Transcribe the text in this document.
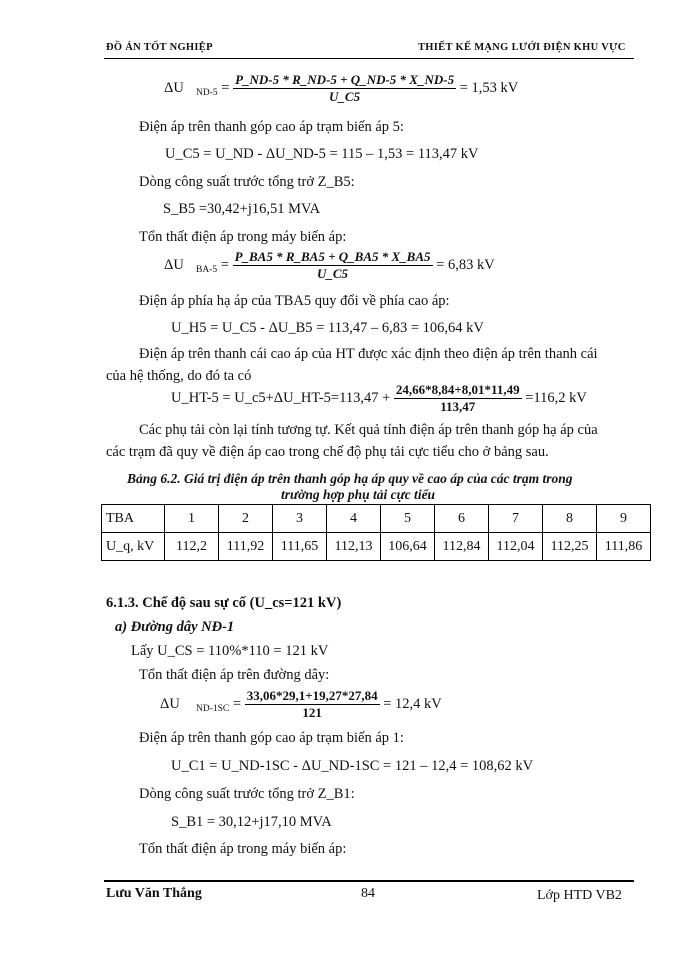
ĐỒ ÁN TỐT NGHIỆP	THIẾT KẾ MẠNG LƯỚI ĐIỆN KHU VỰC
ΔU $_{ND-5} = \frac{P\_ND-5 * R\_ND-5 + Q\_ND-5 * X\_ND-5}{U\_C5} = 1,53$ kV
Điện áp trên thanh góp cao áp trạm biến áp 5:
U_C5 = U_ND - ΔU_ND-5 = 115 – 1,53 = 113,47 kV
Dòng công suất trước tổng trở Z_B5:
S_B5 =30,42+j16,51 MVA
Tổn thất điện áp trong máy biến áp:
ΔU $_{BA-5} = \frac{P\_BA5 * R\_BA5 + Q\_BA5 * X\_BA5}{U\_C5} = 6,83$ kV
Điện áp phía hạ áp của TBA5 quy đổi về phía cao áp:
U_H5 = U_C5 - ΔU_B5 = 113,47 – 6,83 = 106,64 kV
Điện áp trên thanh cái cao áp của HT được xác định theo điện áp trên thanh cái
của hệ thống, do đó ta có
U_HT-5 = U_c5+ΔU_HT-5=113,47 + $\frac{24,66*8,84+8,01*11,49}{113,47} =116,2$ kV
Các phụ tải còn lại tính tương tự. Kết quả tính điện áp trên thanh góp hạ áp của
các trạm đã quy về điện áp cao trong chế độ phụ tải cực tiểu cho ở bảng sau.
Bảng 6.2. Giá trị điện áp trên thanh góp hạ áp quy về cao áp của các trạm trong
trường hợp phụ tải cực tiểu
TBA	1	2	3	4	5	6	7	8	9
U_q, kV	112,2	111,92	111,65	112,13	106,64	112,84	112,04	112,25	111,86
6.1.3. Chế độ sau sự cố (U_cs=121 kV)
a) Đường dây NĐ-1
Lấy U_CS = 110%*110 = 121 kV
Tổn thất điện áp trên đường dây:
ΔU $_{ND-1SC} = \frac{33,06*29,1+19,27*27,84}{121} = 12,4$ kV
Điện áp trên thanh góp cao áp trạm biến áp 1:
U_C1 = U_ND-1SC - ΔU_ND-1SC = 121 – 12,4 = 108,62 kV
Dòng công suất trước tổng trở Z_B1:
S_B1 = 30,12+j17,10 MVA
Tổn thất điện áp trong máy biến áp:
Lưu Văn Thắng	84	Lớp HTD VB2
